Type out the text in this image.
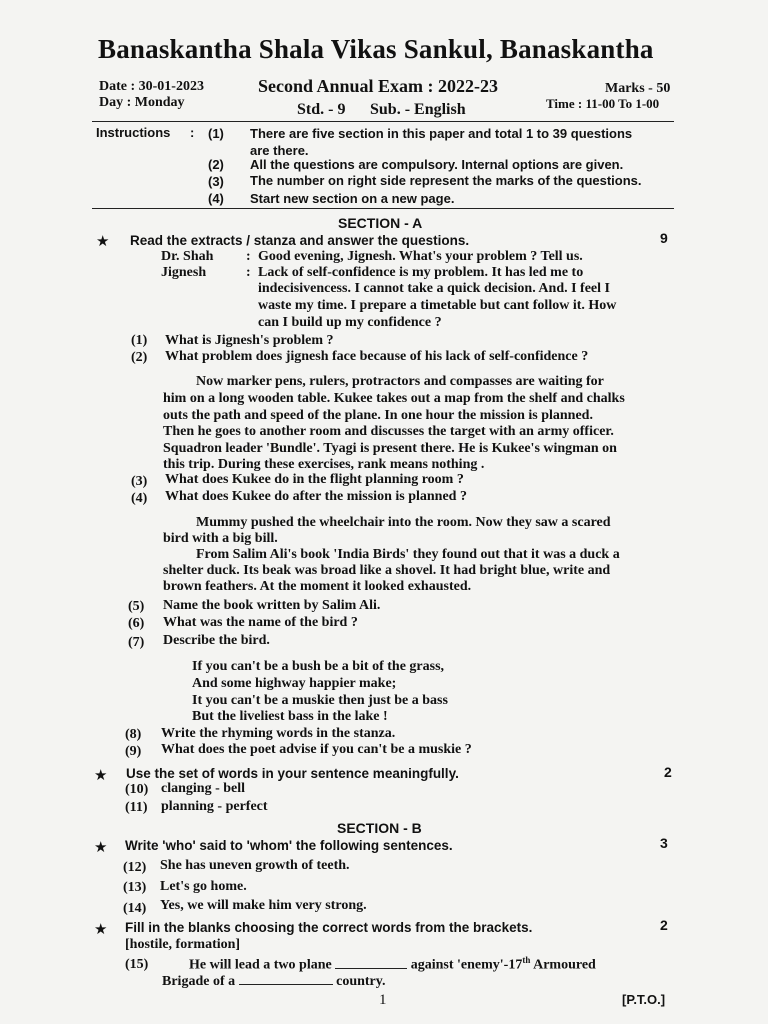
Banaskantha Shala Vikas Sankul, Banaskantha
Date : 30-01-2023
Day : Monday
Second Annual Exam : 2022-23
Std. - 9 Sub. - English
Marks - 50
Time : 11-00 To 1-00
Instructions : (1) There are five section in this paper and total 1 to 39 questions
are there.
(2) All the questions are compulsory. Internal options are given.
(3) The number on right side represent the marks of the questions.
(4) Start new section on a new page.
SECTION - A
★ Read the extracts / stanza and answer the questions.	9
Dr. Shah : Good evening, Jignesh. What's your problem ? Tell us.
Jignesh	: Lack of self-confidence is my problem. It has led me to
indecisivencess. I cannot take a quick decision. And. I feel I
waste my time. I prepare a timetable but cant follow it. How
can I build up my confidence ?
(1) What is Jignesh's problem ?
(2) What problem does jignesh face because of his lack of self-confidence ?
Now marker pens, rulers, protractors and compasses are waiting for
him on a long wooden table. Kukee takes out a map from the shelf and chalks
outs the path and speed of the plane. In one hour the mission is planned.
Then he goes to another room and discusses the target with an army officer.
Squadron leader 'Bundle'. Tyagi is present there. He is Kukee's wingman on
this trip. During these exercises, rank means nothing .
(3) What does Kukee do in the flight planning room ?
(4) What does Kukee do after the mission is planned ?
Mummy pushed the wheelchair into the room. Now they saw a scared
bird with a big bill.
From Salim Ali's book 'India Birds' they found out that it was a duck a
shelter duck. Its beak was broad like a shovel. It had bright blue, write and
brown feathers. At the moment it looked exhausted.
(5) Name the book written by Salim Ali.
(6) What was the name of the bird ?
(7) Describe the bird.
If you can't be a bush be a bit of the grass,
And some highway happier make;
It you can't be a muskie then just be a bass
But the liveliest bass in the lake !
(8) Write the rhyming words in the stanza.
(9) What does the poet advise if you can't be a muskie ?
★ Use the set of words in your sentence meaningfully.	2
(10) clanging - bell
(11) planning - perfect
SECTION - B
★ Write 'who' said to 'whom' the following sentences.	3
(12) She has uneven growth of teeth.
(13) Let's go home.
(14) Yes, we will make him very strong.
★ Fill in the blanks choosing the correct words from the brackets.	2
[hostile, formation]
(15)	He will lead a two plane	against 'enemy'-17th Armoured
Brigade of a	country.
1	[P.T.O.]
